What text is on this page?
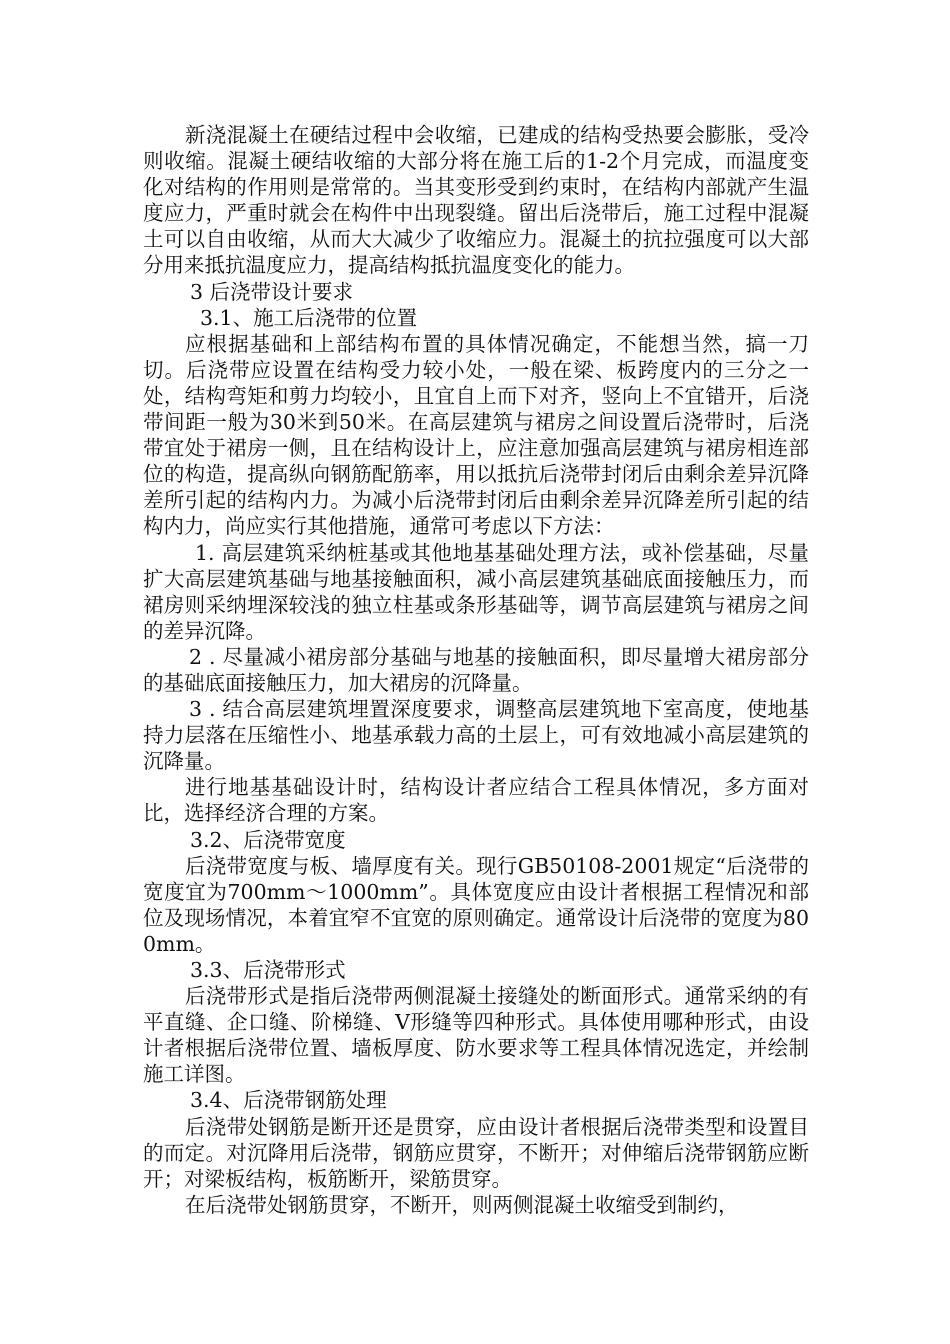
新浇混凝土在硬结过程中会收缩，已建成的结构受热要会膨胀，受冷则收缩。混凝土硬结收缩的大部分将在施工后的1-2个月完成，而温度变化对结构的作用则是常常的。当其变形受到约束时，在结构内部就产生温度应力，严重时就会在构件中出现裂缝。留出后浇带后，施工过程中混凝土可以自由收缩，从而大大减少了收缩应力。混凝土的抗拉强度可以大部分用来抵抗温度应力，提高结构抵抗温度变化的能力。

3 后浇带设计要求

3.1、施工后浇带的位置

应根据基础和上部结构布置的具体情况确定，不能想当然，搞一刀切。后浇带应设置在结构受力较小处，一般在梁、板跨度内的三分之一处，结构弯矩和剪力均较小，且宜自上而下对齐，竖向上不宜错开，后浇带间距一般为30米到50米。在高层建筑与裙房之间设置后浇带时，后浇带宜处于裙房一侧，且在结构设计上，应注意加强高层建筑与裙房相连部位的构造，提高纵向钢筋配筋率，用以抵抗后浇带封闭后由剩余差异沉降差所引起的结构内力。为减小后浇带封闭后由剩余差异沉降差所引起的结构内力，尚应实行其他措施，通常可考虑以下方法：

1. 高层建筑采纳桩基或其他地基基础处理方法，或补偿基础，尽量扩大高层建筑基础与地基接触面积，减小高层建筑基础底面接触压力，而裙房则采纳埋深较浅的独立柱基或条形基础等，调节高层建筑与裙房之间的差异沉降。

2 . 尽量减小裙房部分基础与地基的接触面积，即尽量增大裙房部分的基础底面接触压力，加大裙房的沉降量。

3 . 结合高层建筑埋置深度要求，调整高层建筑地下室高度，使地基持力层落在压缩性小、地基承载力高的土层上，可有效地减小高层建筑的沉降量。

进行地基基础设计时，结构设计者应结合工程具体情况，多方面对比，选择经济合理的方案。

3.2、后浇带宽度

后浇带宽度与板、墙厚度有关。现行GB50108-2001规定“后浇带的宽度宜为700mm～1000mm”。具体宽度应由设计者根据工程情况和部位及现场情况，本着宜窄不宜宽的原则确定。通常设计后浇带的宽度为800mm。

3.3、后浇带形式

后浇带形式是指后浇带两侧混凝土接缝处的断面形式。通常采纳的有平直缝、企口缝、阶梯缝、V形缝等四种形式。具体使用哪种形式，由设计者根据后浇带位置、墙板厚度、防水要求等工程具体情况选定，并绘制施工详图。

3.4、后浇带钢筋处理

后浇带处钢筋是断开还是贯穿，应由设计者根据后浇带类型和设置目的而定。对沉降用后浇带，钢筋应贯穿，不断开；对伸缩后浇带钢筋应断开；对梁板结构，板筋断开，梁筋贯穿。

在后浇带处钢筋贯穿，不断开，则两侧混凝土收缩受到制约，
